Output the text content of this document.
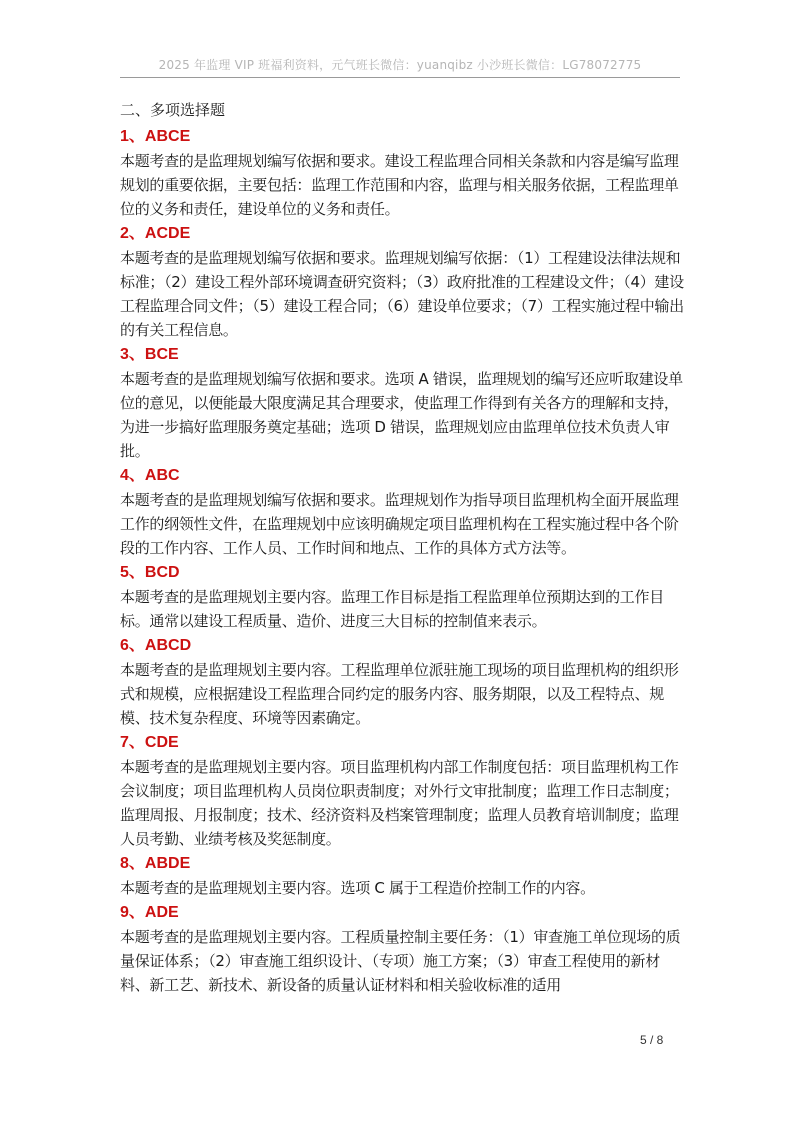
2025 年监理 VIP 班福利资料，元气班长微信：yuanqibz 小沙班长微信：LG78072775
二、多项选择题
1、ABCE
本题考查的是监理规划编写依据和要求。建设工程监理合同相关条款和内容是编写监理规划的重要依据，主要包括：监理工作范围和内容，监理与相关服务依据，工程监理单位的义务和责任，建设单位的义务和责任。
2、ACDE
本题考查的是监理规划编写依据和要求。监理规划编写依据：（1）工程建设法律法规和标准；（2）建设工程外部环境调查研究资料；（3）政府批准的工程建设文件；（4）建设工程监理合同文件；（5）建设工程合同；（6）建设单位要求；（7）工程实施过程中输出的有关工程信息。
3、BCE
本题考查的是监理规划编写依据和要求。选项 A 错误，监理规划的编写还应听取建设单位的意见，以便能最大限度满足其合理要求，使监理工作得到有关各方的理解和支持，为进一步搞好监理服务奠定基础；选项 D 错误，监理规划应由监理单位技术负责人审批。
4、ABC
本题考查的是监理规划编写依据和要求。监理规划作为指导项目监理机构全面开展监理工作的纲领性文件，在监理规划中应该明确规定项目监理机构在工程实施过程中各个阶段的工作内容、工作人员、工作时间和地点、工作的具体方式方法等。
5、BCD
本题考查的是监理规划主要内容。监理工作目标是指工程监理单位预期达到的工作目标。通常以建设工程质量、造价、进度三大目标的控制值来表示。
6、ABCD
本题考查的是监理规划主要内容。工程监理单位派驻施工现场的项目监理机构的组织形式和规模，应根据建设工程监理合同约定的服务内容、服务期限，以及工程特点、规模、技术复杂程度、环境等因素确定。
7、CDE
本题考查的是监理规划主要内容。项目监理机构内部工作制度包括：项目监理机构工作会议制度；项目监理机构人员岗位职责制度；对外行文审批制度；监理工作日志制度；监理周报、月报制度；技术、经济资料及档案管理制度；监理人员教育培训制度；监理人员考勤、业绩考核及奖惩制度。
8、ABDE
本题考查的是监理规划主要内容。选项 C 属于工程造价控制工作的内容。
9、ADE
本题考查的是监理规划主要内容。工程质量控制主要任务：（1）审查施工单位现场的质量保证体系；（2）审查施工组织设计、（专项）施工方案；（3）审查工程使用的新材料、新工艺、新技术、新设备的质量认证材料和相关验收标准的适用
5 / 8
